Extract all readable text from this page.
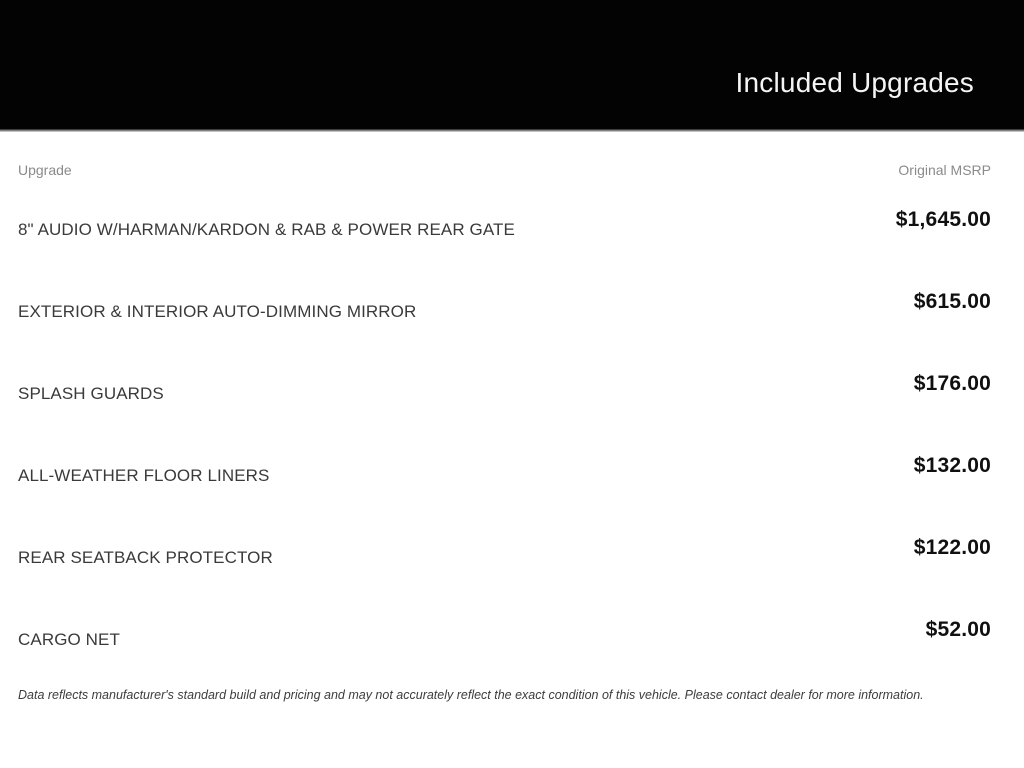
Included Upgrades
Upgrade	Original MSRP
8" AUDIO W/HARMAN/KARDON & RAB & POWER REAR GATE	$1,645.00
EXTERIOR & INTERIOR AUTO-DIMMING MIRROR	$615.00
SPLASH GUARDS	$176.00
ALL-WEATHER FLOOR LINERS	$132.00
REAR SEATBACK PROTECTOR	$122.00
CARGO NET	$52.00
Data reflects manufacturer's standard build and pricing and may not accurately reflect the exact condition of this vehicle. Please contact dealer for more information.
